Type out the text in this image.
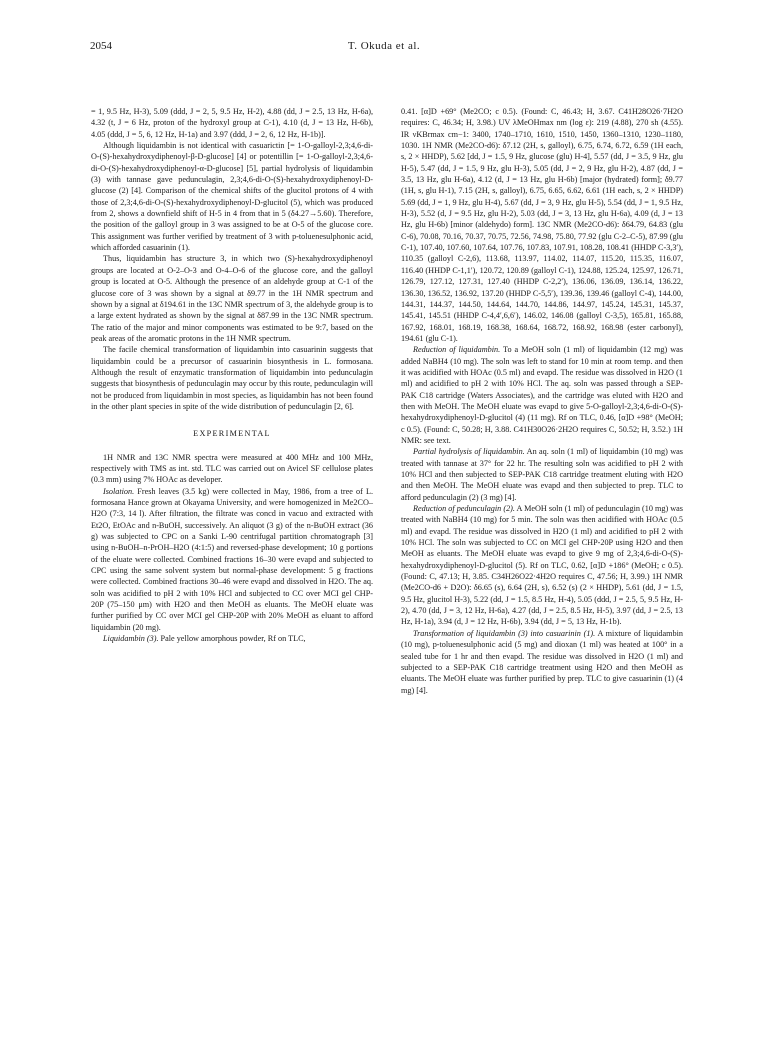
2054	T. Okuda et al.

= 1, 9.5 Hz, H-3), 5.09 (ddd, J = 2, 5, 9.5 Hz, H-2), 4.88 (dd, J = 2.5, 13 Hz, H-6a), 4.32 (t, J = 6 Hz, proton of the hydroxyl group at C-1), 4.10 (d, J = 13 Hz, H-6b), 4.05 (ddd, J = 5, 6, 12 Hz, H-1a) and 3.97 (ddd, J = 2, 6, 12 Hz, H-1b)].

Although liquidambin is not identical with casuarictin [= 1-O-galloyl-2,3;4,6-di-O-(S)-hexahydroxydiphenoyl-β-D-glucose] [4] or potentillin [= 1-O-galloyl-2,3;4,6-di-O-(S)-hexahydroxydiphenoyl-α-D-glucose] [5], partial hydrolysis of liquidambin (3) with tannase gave pedunculagin, 2,3;4,6-di-O-(S)-hexahydroxydiphenoyl-D-glucose (2) [4]. Comparison of the chemical shifts of the glucitol protons of 4 with those of 2,3;4,6-di-O-(S)-hexahydroxydiphenoyl-D-glucitol (5), which was produced from 2, shows a downfield shift of H-5 in 4 from that in 5 (δ4.27→5.60). Therefore, the position of the galloyl group in 3 was assigned to be at O-5 of the glucose core. This assignment was further verified by treatment of 3 with p-toluenesulphonic acid, which afforded casuarinin (1).

Thus, liquidambin has structure 3, in which two (S)-hexahydroxydiphenoyl groups are located at O-2–O-3 and O-4–O-6 of the glucose core, and the galloyl group is located at O-5. Although the presence of an aldehyde group at C-1 of the glucose core of 3 was shown by a signal at δ9.77 in the 1H NMR spectrum and shown by a signal at δ194.61 in the 13C NMR spectrum of 3, the aldehyde group is to a large extent hydrated as shown by the signal at δ87.99 in the 13C NMR spectrum. The ratio of the major and minor components was estimated to be 9:7, based on the peak areas of the aromatic protons in the 1H NMR spectrum.

The facile chemical transformation of liquidambin into casuarinin suggests that liquidambin could be a precursor of casuarinin biosynthesis in L. formosana. Although the result of enzymatic transformation of liquidambin into pedunculagin suggests that biosynthesis of pedunculagin may occur by this route, pedunculagin will not be produced from liquidambin in most species, as liquidambin has not been found in the other plant species in spite of the wide distribution of pedunculagin [2, 6].

EXPERIMENTAL

1H NMR and 13C NMR spectra were measured at 400 MHz and 100 MHz, respectively with TMS as int. std. TLC was carried out on Avicel SF cellulose plates (0.3 mm) using 7% HOAc as developer.

Isolation. Fresh leaves (3.5 kg) were collected in May, 1986, from a tree of L. formosana Hance grown at Okayama University, and were homogenized in Me2CO–H2O (7:3, 14 l). After filtration, the filtrate was concd in vacuo and extracted with Et2O, EtOAc and n-BuOH, successively. An aliquot (3 g) of the n-BuOH extract (36 g) was subjected to CPC on a Sanki L-90 centrifugal partition chromatograph [3] using n-BuOH–n-PrOH–H2O (4:1:5) and reversed-phase development; 10 g portions of the eluate were collected. Combined fractions 16–30 were evapd and subjected to CPC using the same solvent system but normal-phase development: 5 g fractions were collected. Combined fractions 30–46 were evapd and dissolved in H2O. The aq. soln was acidified to pH 2 with 10% HCl and subjected to CC over MCI gel CHP-20P (75–150 μm) with H2O and then MeOH as eluants. The MeOH eluate was further purified by CC over MCI gel CHP-20P with 20% MeOH as eluant to afford liquidambin (20 mg).

Liquidambin (3). Pale yellow amorphous powder, Rf on TLC,

0.41. [α]D +69° (Me2CO; c 0.5). (Found: C, 46.43; H, 3.67. C41H28O26·7H2O requires: C, 46.34; H, 3.98.) UV λMeOHmax nm (log ε): 219 (4.88), 270 sh (4.55). IR νKBrmax cm−1: 3400, 1740–1710, 1610, 1510, 1450, 1360–1310, 1230–1180, 1030. 1H NMR (Me2CO-d6): δ7.12 (2H, s, galloyl), 6.75, 6.74, 6.72, 6.59 (1H each, s, 2 × HHDP), 5.62 [dd, J = 1.5, 9 Hz, glucose (glu) H-4], 5.57 (dd, J = 3.5, 9 Hz, glu H-5), 5.47 (dd, J = 1.5, 9 Hz, glu H-3), 5.05 (dd, J = 2, 9 Hz, glu H-2), 4.87 (dd, J = 3.5, 13 Hz, glu H-6a), 4.12 (d, J = 13 Hz, glu H-6b) [major (hydrated) form]; δ9.77 (1H, s, glu H-1), 7.15 (2H, s, galloyl), 6.75, 6.65, 6.62, 6.61 (1H each, s, 2 × HHDP) 5.69 (dd, J = 1, 9 Hz, glu H-4), 5.67 (dd, J = 3, 9 Hz, glu H-5), 5.54 (dd, J = 1, 9.5 Hz, H-3), 5.52 (d, J = 9.5 Hz, glu H-2), 5.03 (dd, J = 3, 13 Hz, glu H-6a), 4.09 (d, J = 13 Hz, glu H-6b) [minor (aldehydo) form]. 13C NMR (Me2CO-d6): δ64.79, 64.83 (glu C-6), 70.08, 70.16, 70.37, 70.75, 72.56, 74.98, 75.80, 77.92 (glu C-2–C-5), 87.99 (glu C-1), 107.40, 107.60, 107.64, 107.76, 107.83, 107.91, 108.28, 108.41 (HHDP C-3,3′), 110.35 (galloyl C-2,6), 113.68, 113.97, 114.02, 114.07, 115.20, 115.35, 116.07, 116.40 (HHDP C-1,1′), 120.72, 120.89 (galloyl C-1), 124.88, 125.24, 125.97, 126.71, 126.79, 127.12, 127.31, 127.40 (HHDP C-2,2′), 136.06, 136.09, 136.14, 136.22, 136.30, 136.52, 136.92, 137.20 (HHDP C-5,5′), 139.36, 139.46 (galloyl C-4), 144.00, 144.31, 144.37, 144.50, 144.64, 144.70, 144.86, 144.97, 145.24, 145.31, 145.37, 145.41, 145.51 (HHDP C-4,4′,6,6′), 146.02, 146.08 (galloyl C-3,5), 165.81, 165.88, 167.92, 168.01, 168.19, 168.38, 168.64, 168.72, 168.92, 168.98 (ester carbonyl), 194.61 (glu C-1).

Reduction of liquidambin. To a MeOH soln (1 ml) of liquidambin (12 mg) was added NaBH4 (10 mg). The soln was left to stand for 10 min at room temp. and then it was acidified with HOAc (0.5 ml) and evapd. The residue was dissolved in H2O (1 ml) and acidified to pH 2 with 10% HCl. The aq. soln was passed through a SEP-PAK C18 cartridge (Waters Associates), and the cartridge was eluted with H2O and then with MeOH. The MeOH eluate was evapd to give 5-O-galloyl-2,3;4,6-di-O-(S)-hexahydroxydiphenoyl-D-glucitol (4) (11 mg). Rf on TLC, 0.46, [α]D +98° (MeOH; c 0.5). (Found: C, 50.28; H, 3.88. C41H30O26·2H2O requires C, 50.52; H, 3.52.) 1H NMR: see text.

Partial hydrolysis of liquidambin. An aq. soln (1 ml) of liquidambin (10 mg) was treated with tannase at 37° for 22 hr. The resulting soln was acidified to pH 2 with 10% HCl and then subjected to SEP-PAK C18 cartridge treatment eluting with H2O and then MeOH. The MeOH eluate was evapd and then subjected to prep. TLC to afford pedunculagin (2) (3 mg) [4].

Reduction of pedunculagin (2). A MeOH soln (1 ml) of pedunculagin (10 mg) was treated with NaBH4 (10 mg) for 5 min. The soln was then acidified with HOAc (0.5 ml) and evapd. The residue was dissolved in H2O (1 ml) and acidified to pH 2 with 10% HCl. The soln was subjected to CC on MCI gel CHP-20P using H2O and then MeOH as eluants. The MeOH eluate was evapd to give 9 mg of 2,3;4,6-di-O-(S)-hexahydroxydiphenoyl-D-glucitol (5). Rf on TLC, 0.62, [α]D +186° (MeOH; c 0.5). (Found: C, 47.13; H, 3.85. C34H26O22·4H2O requires C, 47.56; H, 3.99.) 1H NMR (Me2CO-d6 + D2O): δ6.65 (s), 6.64 (2H, s), 6.52 (s) (2 × HHDP), 5.61 (dd, J = 1.5, 9.5 Hz, glucitol H-3), 5.22 (dd, J = 1.5, 8.5 Hz, H-4), 5.05 (ddd, J = 2.5, 5, 9.5 Hz, H-2), 4.70 (dd, J = 3, 12 Hz, H-6a), 4.27 (dd, J = 2.5, 8.5 Hz, H-5), 3.97 (dd, J = 2.5, 13 Hz, H-1a), 3.94 (d, J = 12 Hz, H-6b), 3.94 (dd, J = 5, 13 Hz, H-1b).

Transformation of liquidambin (3) into casuarinin (1). A mixture of liquidambin (10 mg), p-toluenesulphonic acid (5 mg) and dioxan (1 ml) was heated at 100° in a sealed tube for 1 hr and then evapd. The residue was dissolved in H2O (1 ml) and subjected to a SEP-PAK C18 cartridge treatment using H2O and then MeOH as eluants. The MeOH eluate was further purified by prep. TLC to give casuarinin (1) (4 mg) [4].
